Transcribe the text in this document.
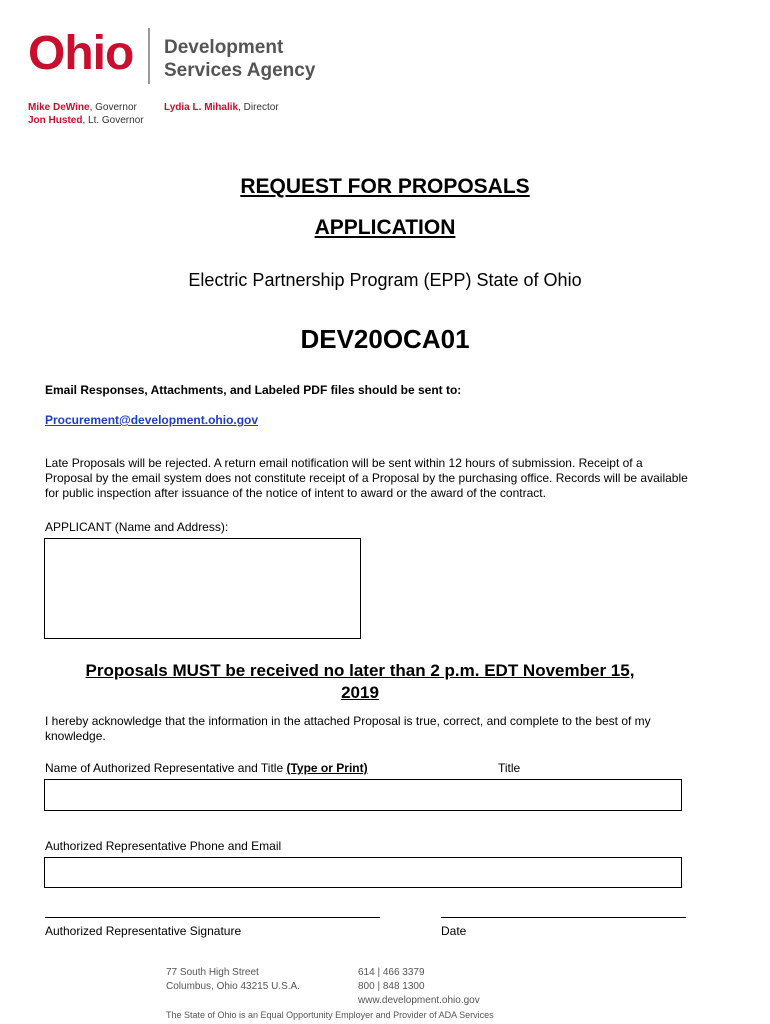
Ohio Development
Services Agency
Mike DeWine, Governor
Jon Husted, Lt. Governor
Lydia L. Mihalik, Director
REQUEST FOR PROPOSALS
APPLICATION
Electric Partnership Program (EPP) State of Ohio
DEV20OCA01
Email Responses, Attachments, and Labeled PDF files should be sent to:
Procurement@development.ohio.gov
Late Proposals will be rejected. A return email notification will be sent within 12 hours of submission. Receipt of a
Proposal by the email system does not constitute receipt of a Proposal by the purchasing office. Records will be available
for public inspection after issuance of the notice of intent to award or the award of the contract.
APPLICANT (Name and Address):
Proposals MUST be received no later than 2 p.m. EDT November 15,
2019
I hereby acknowledge that the information in the attached Proposal is true, correct, and complete to the best of my
knowledge.
Name of Authorized Representative and Title (Type or Print)	Title
Authorized Representative Phone and Email
Authorized Representative Signature	Date
77 South High Street
Columbus, Ohio 43215 U.S.A.
614 | 466 3379
800 | 848 1300
www.development.ohio.gov
The State of Ohio is an Equal Opportunity Employer and Provider of ADA Services
